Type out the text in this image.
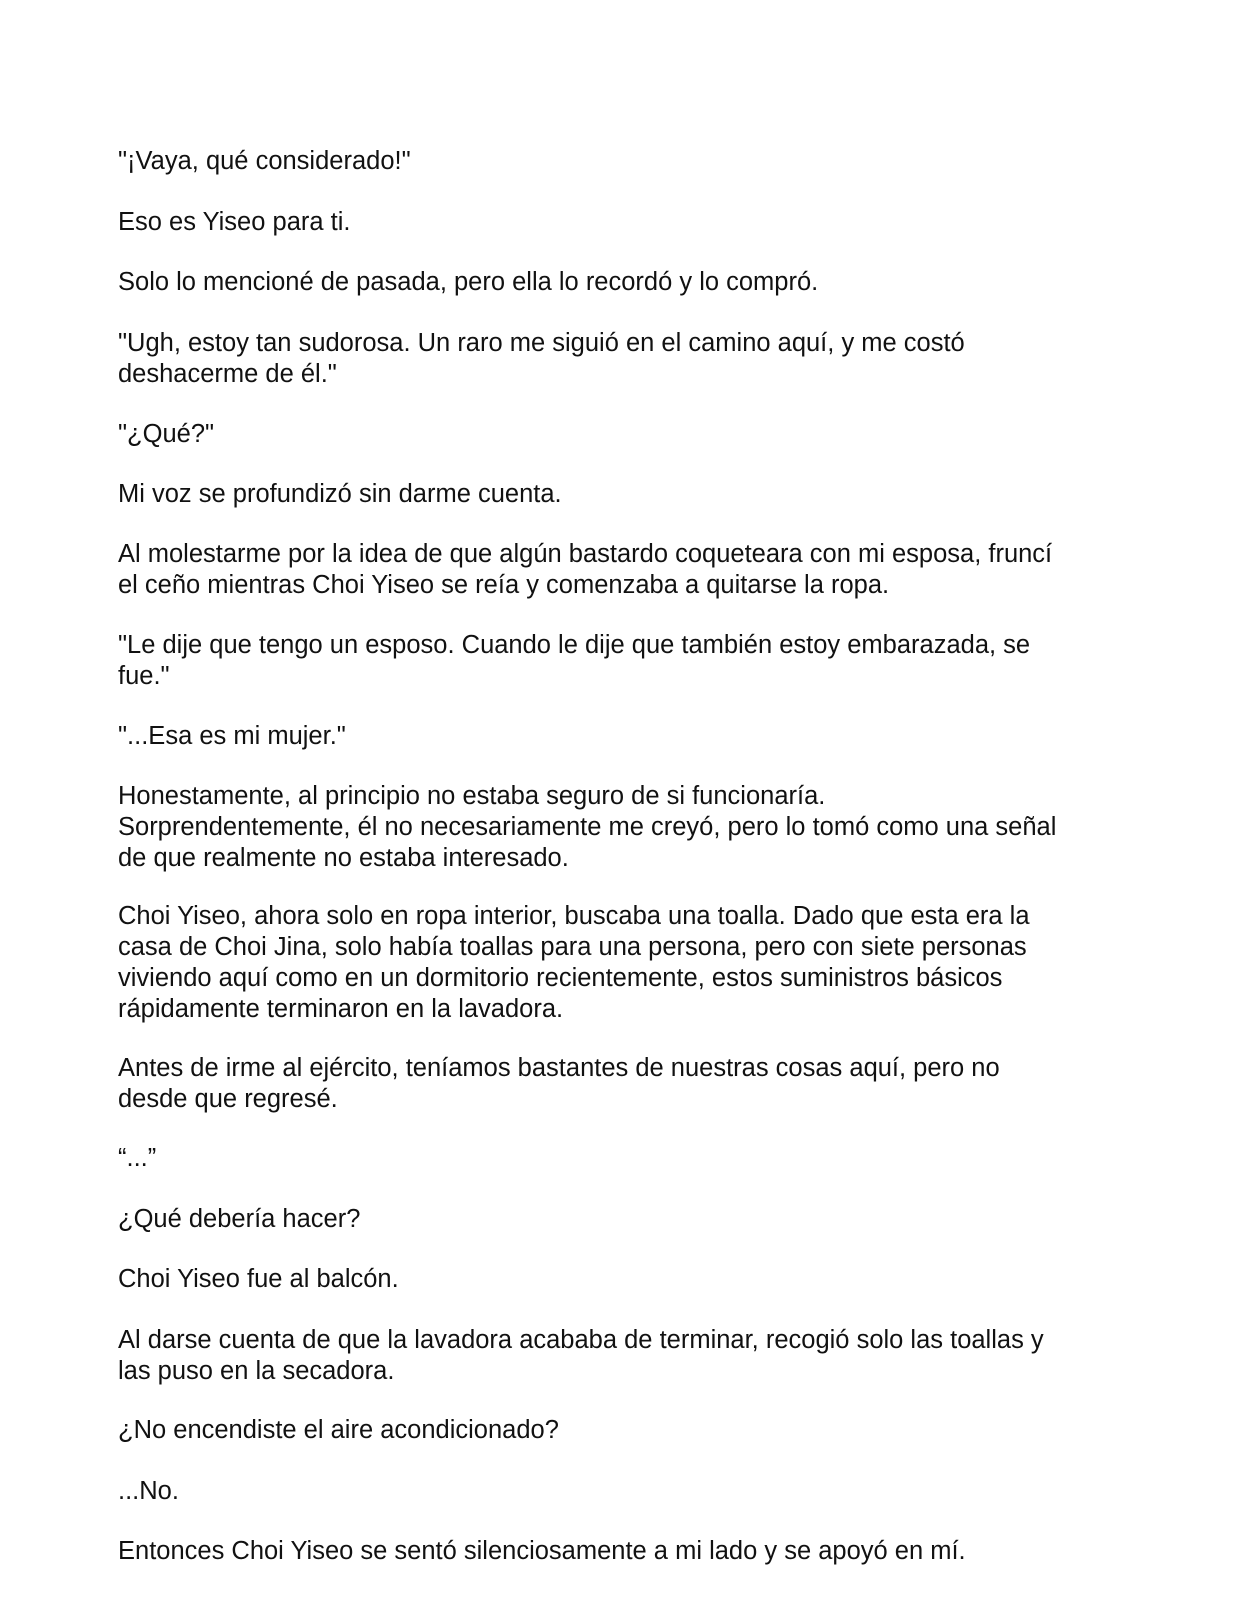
"¡Vaya, qué considerado!"

Eso es Yiseo para ti.

Solo lo mencioné de pasada, pero ella lo recordó y lo compró.

"Ugh, estoy tan sudorosa. Un raro me siguió en el camino aquí, y me costó
deshacerme de él."

"¿Qué?"

Mi voz se profundizó sin darme cuenta.

Al molestarme por la idea de que algún bastardo coqueteara con mi esposa, fruncí
el ceño mientras Choi Yiseo se reía y comenzaba a quitarse la ropa.

"Le dije que tengo un esposo. Cuando le dije que también estoy embarazada, se
fue."

"...Esa es mi mujer."

Honestamente, al principio no estaba seguro de si funcionaría.
Sorprendentemente, él no necesariamente me creyó, pero lo tomó como una señal
de que realmente no estaba interesado.

Choi Yiseo, ahora solo en ropa interior, buscaba una toalla. Dado que esta era la
casa de Choi Jina, solo había toallas para una persona, pero con siete personas
viviendo aquí como en un dormitorio recientemente, estos suministros básicos
rápidamente terminaron en la lavadora.

Antes de irme al ejército, teníamos bastantes de nuestras cosas aquí, pero no
desde que regresé.

“...”

¿Qué debería hacer?

Choi Yiseo fue al balcón.

Al darse cuenta de que la lavadora acababa de terminar, recogió solo las toallas y
las puso en la secadora.

¿No encendiste el aire acondicionado?

...No.

Entonces Choi Yiseo se sentó silenciosamente a mi lado y se apoyó en mí.
